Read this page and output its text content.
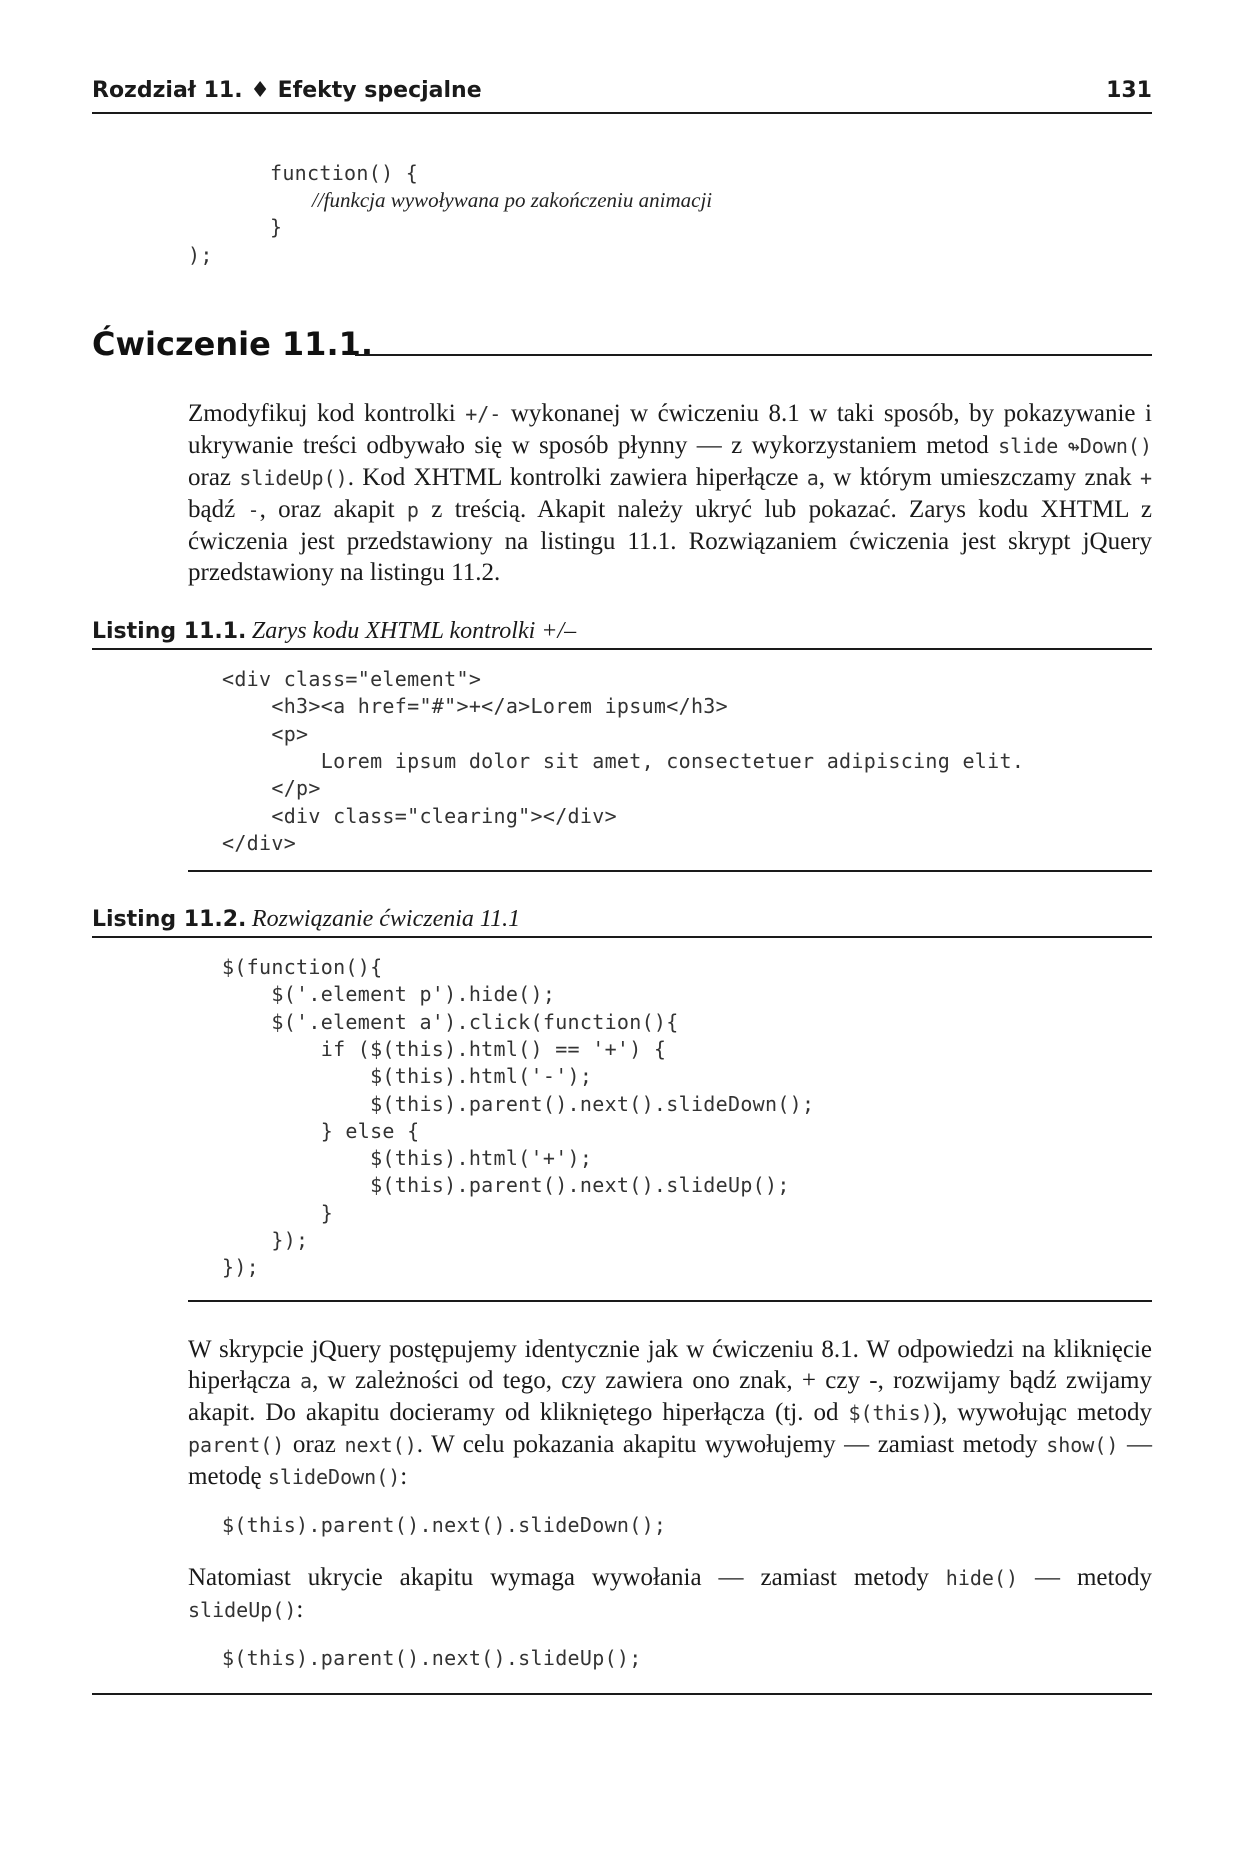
Rozdział 11. ♦ Efekty specjalne	131
function() {
//funkcja wywoływana po zakończeniu animacji
}
);
Ćwiczenie 11.1.
Zmodyfikuj kod kontrolki +/- wykonanej w ćwiczeniu 8.1 w taki sposób, by pokazywanie i ukrywanie treści odbywało się w sposób płynny — z wykorzystaniem metod slide ↬Down() oraz slideUp(). Kod XHTML kontrolki zawiera hiperłącze a, w którym umieszczamy znak + bądź -, oraz akapit p z treścią. Akapit należy ukryć lub pokazać. Zarys kodu XHTML z ćwiczenia jest przedstawiony na listingu 11.1. Rozwiązaniem ćwiczenia jest skrypt jQuery przedstawiony na listingu 11.2.
Listing 11.1. Zarys kodu XHTML kontrolki +/–
<div class="element">
<h3><a href="#">+</a>Lorem ipsum</h3>
<p>
Lorem ipsum dolor sit amet, consectetuer adipiscing elit.
</p>
<div class="clearing"></div>
</div>
Listing 11.2. Rozwiązanie ćwiczenia 11.1
$(function(){
$('.element p').hide();
$('.element a').click(function(){
if ($(this).html() == '+') {
$(this).html('-');
$(this).parent().next().slideDown();
} else {
$(this).html('+');
$(this).parent().next().slideUp();
}
});
});
W skrypcie jQuery postępujemy identycznie jak w ćwiczeniu 8.1. W odpowiedzi na kliknięcie hiperłącza a, w zależności od tego, czy zawiera ono znak, + czy -, rozwijamy bądź zwijamy akapit. Do akapitu docieramy od klikniętego hiperłącza (tj. od $(this)), wywołując metody parent() oraz next(). W celu pokazania akapitu wywołujemy — zamiast metody show() — metodę slideDown():
$(this).parent().next().slideDown();
Natomiast ukrycie akapitu wymaga wywołania — zamiast metody hide() — metody slideUp():
$(this).parent().next().slideUp();
